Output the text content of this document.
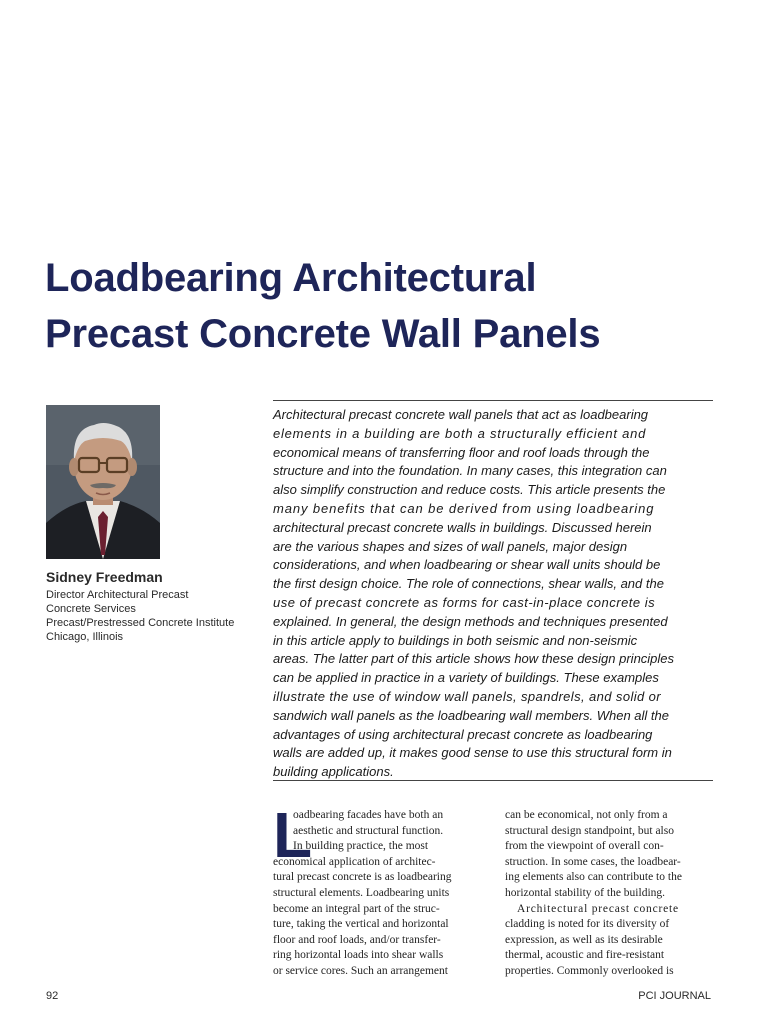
Loadbearing Architectural
Precast Concrete Wall Panels
Sidney Freedman
Director Architectural Precast
Concrete Services
Precast/Prestressed Concrete Institute
Chicago, Illinois
Architectural precast concrete wall panels that act as loadbearing
elements in a building are both a structurally efficient and
economical means of transferring floor and roof loads through the
structure and into the foundation. In many cases, this integration can
also simplify construction and reduce costs. This article presents the
many benefits that can be derived from using loadbearing
architectural precast concrete walls in buildings. Discussed herein
are the various shapes and sizes of wall panels, major design
considerations, and when loadbearing or shear wall units should be
the first design choice. The role of connections, shear walls, and the
use of precast concrete as forms for cast-in-place concrete is
explained. In general, the design methods and techniques presented
in this article apply to buildings in both seismic and non-seismic
areas. The latter part of this article shows how these design principles
can be applied in practice in a variety of buildings. These examples
illustrate the use of window wall panels, spandrels, and solid or
sandwich wall panels as the loadbearing wall members. When all the
advantages of using architectural precast concrete as loadbearing
walls are added up, it makes good sense to use this structural form in
building applications.
L
oadbearing facades have both an
aesthetic and structural function.
In building practice, the most
economical application of architec-
tural precast concrete is as loadbearing
structural elements. Loadbearing units
become an integral part of the struc-
ture, taking the vertical and horizontal
floor and roof loads, and/or transfer-
ring horizontal loads into shear walls
or service cores. Such an arrangement
can be economical, not only from a
structural design standpoint, but also
from the viewpoint of overall con-
struction. In some cases, the loadbear-
ing elements also can contribute to the
horizontal stability of the building.
Architectural precast concrete
cladding is noted for its diversity of
expression, as well as its desirable
thermal, acoustic and fire-resistant
properties. Commonly overlooked is
92	PCI JOURNAL
